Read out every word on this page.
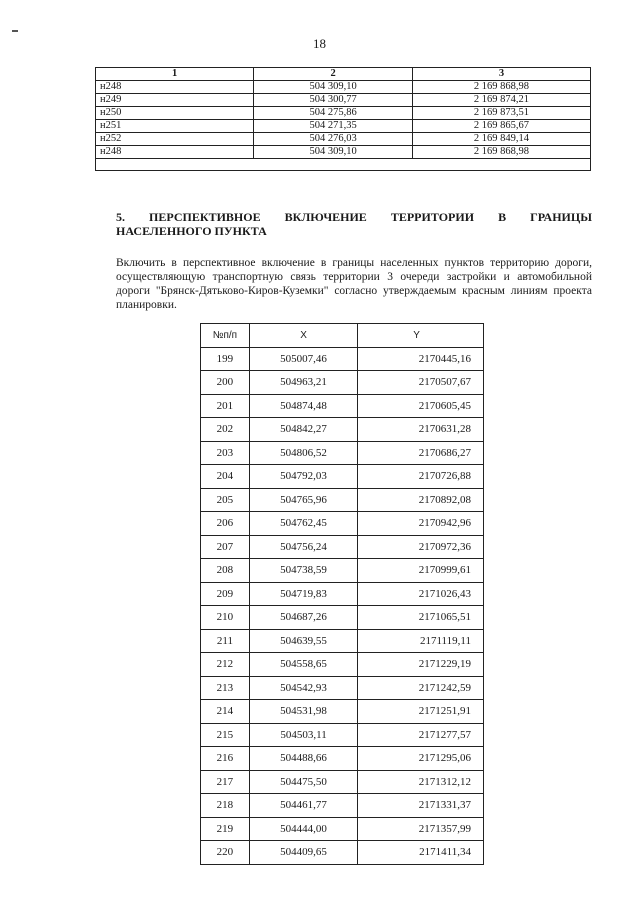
18
1	2	3
н248	504 309,10	2 169 868,98
н249	504 300,77	2 169 874,21
н250	504 275,86	2 169 873,51
н251	504 271,35	2 169 865,67
н252	504 276,03	2 169 849,14
н248	504 309,10	2 169 868,98

5. ПЕРСПЕКТИВНОЕ ВКЛЮЧЕНИЕ ТЕРРИТОРИИ В ГРАНИЦЫ
НАСЕЛЕННОГО ПУНКТА
Включить в перспективное включение в границы населенных пунктов территорию дороги, осуществляющую транспортную связь территории 3 очереди застройки и автомобильной дороги "Брянск-Дятьково-Киров-Куземки" согласно утверждаемым красным линиям проекта планировки.
№п/п	X	Y
199	505007,46	2170445,16
200	504963,21	2170507,67
201	504874,48	2170605,45
202	504842,27	2170631,28
203	504806,52	2170686,27
204	504792,03	2170726,88
205	504765,96	2170892,08
206	504762,45	2170942,96
207	504756,24	2170972,36
208	504738,59	2170999,61
209	504719,83	2171026,43
210	504687,26	2171065,51
211	504639,55	2171119,11
212	504558,65	2171229,19
213	504542,93	2171242,59
214	504531,98	2171251,91
215	504503,11	2171277,57
216	504488,66	2171295,06
217	504475,50	2171312,12
218	504461,77	2171331,37
219	504444,00	2171357,99
220	504409,65	2171411,34
